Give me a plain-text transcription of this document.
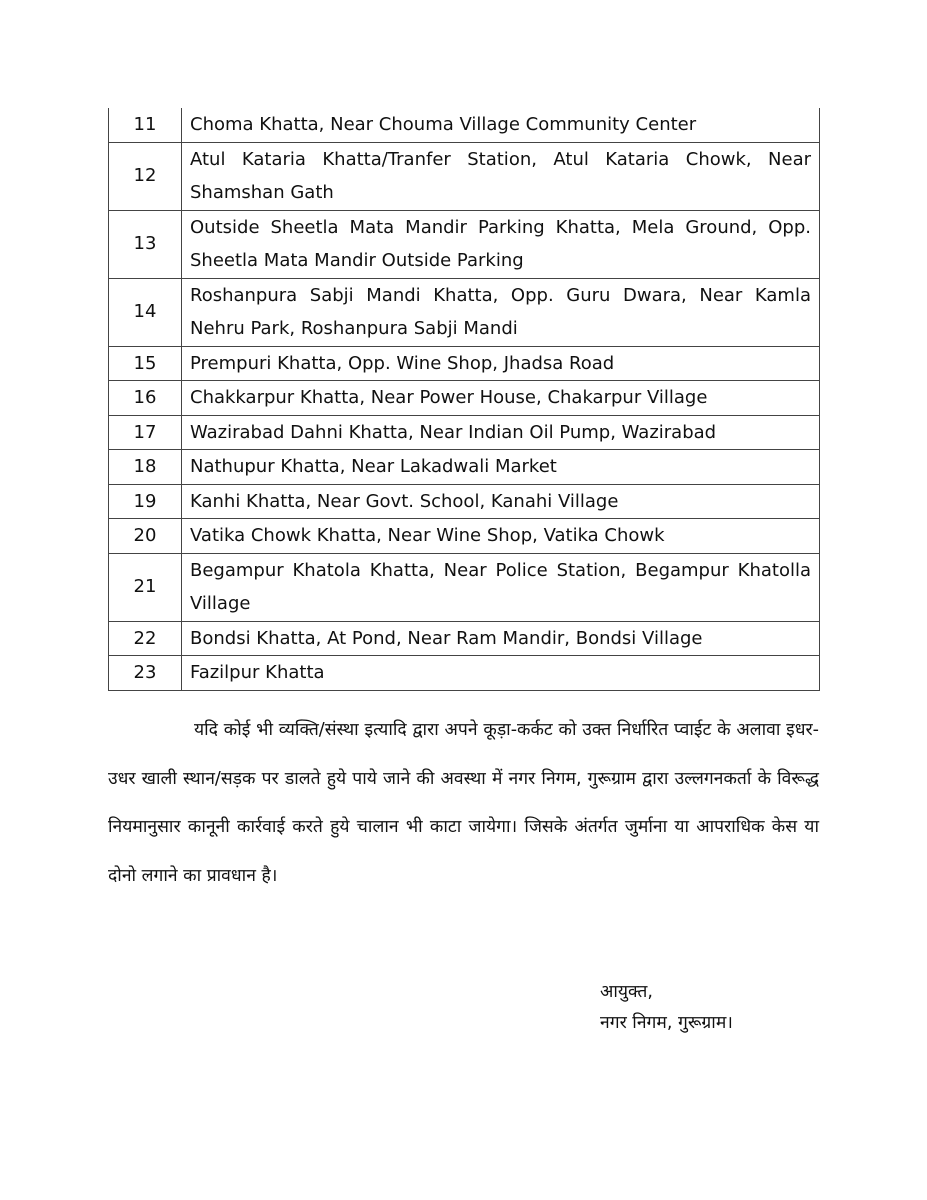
11	Choma Khatta, Near Chouma Village Community Center
12	Atul Kataria Khatta/Tranfer Station, Atul Kataria Chowk, Near Shamshan Gath
13	Outside Sheetla Mata Mandir Parking Khatta, Mela Ground, Opp. Sheetla Mata Mandir Outside Parking
14	Roshanpura Sabji Mandi Khatta, Opp. Guru Dwara, Near Kamla Nehru Park, Roshanpura Sabji Mandi
15	Prempuri Khatta, Opp. Wine Shop, Jhadsa Road
16	Chakkarpur Khatta, Near Power House, Chakarpur Village
17	Wazirabad Dahni Khatta, Near Indian Oil Pump, Wazirabad
18	Nathupur Khatta, Near Lakadwali Market
19	Kanhi Khatta, Near Govt. School, Kanahi Village
20	Vatika Chowk Khatta, Near Wine Shop, Vatika Chowk
21	Begampur Khatola Khatta, Near Police Station, Begampur Khatolla Village
22	Bondsi Khatta, At Pond, Near Ram Mandir, Bondsi Village
23	Fazilpur Khatta

यदि कोई भी व्यक्ति/संस्था इत्यादि द्वारा अपने कूड़ा-कर्कट को उक्त निर्धारित प्वाईट के अलावा इधर-उधर खाली स्थान/सड़क पर डालते हुये पाये जाने की अवस्था में नगर निगम, गुरूग्राम द्वारा उल्लगनकर्ता के विरूद्ध नियमानुसार कानूनी कार्रवाई करते हुये चालान भी काटा जायेगा। जिसके अंतर्गत जुर्माना या आपराधिक केस या दोनो लगाने का प्रावधान है।

आयुक्त,
नगर निगम, गुरूग्राम।
